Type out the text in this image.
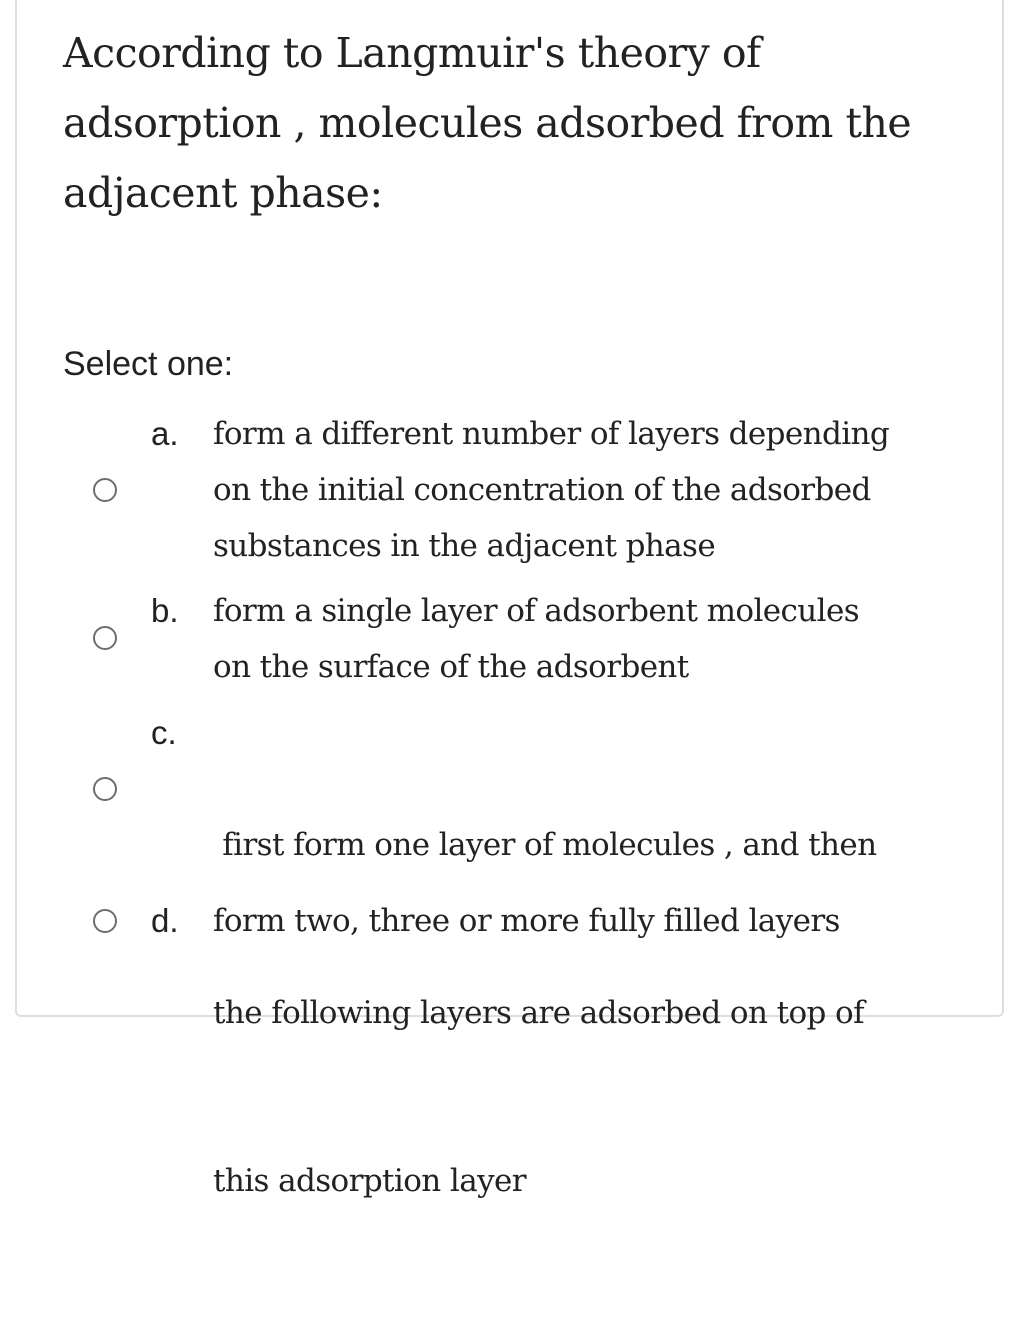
According to Langmuir's theory of
adsorption , molecules adsorbed from the
adjacent phase:
Select one:
a. form a different number of layers depending
on the initial concentration of the adsorbed
substances in the adjacent phase
b. form a single layer of adsorbent molecules
on the surface of the adsorbent
c.

first form one layer of molecules , and then

the following layers are adsorbed on top of

this adsorption layer

d. form two, three or more fully filled layers
